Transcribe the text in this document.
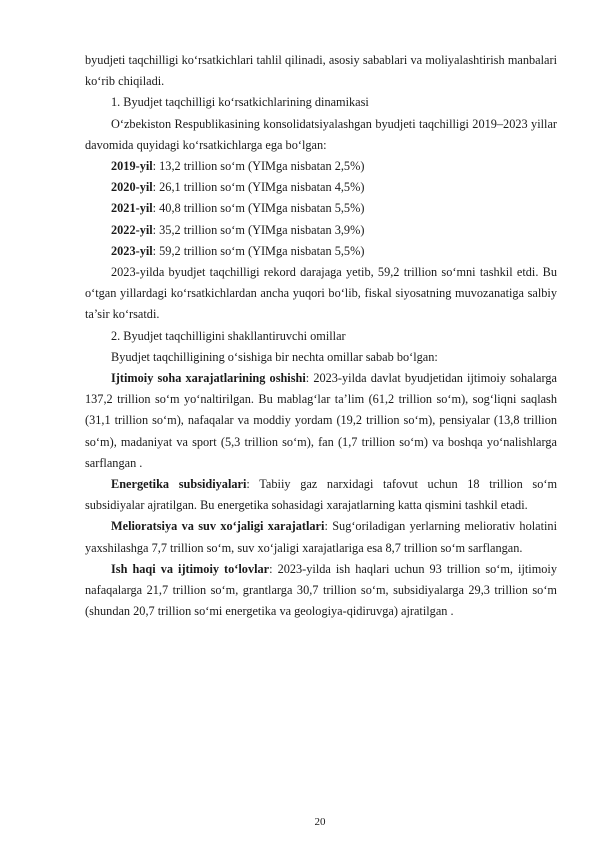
byudjeti taqchilligi ko‘rsatkichlari tahlil qilinadi, asosiy sabablari va moliyalashtirish manbalari ko‘rib chiqiladi.

1. Byudjet taqchilligi ko‘rsatkichlarining dinamikasi

O‘zbekiston Respublikasining konsolidatsiyalashgan byudjeti taqchilligi 2019–2023 yillar davomida quyidagi ko‘rsatkichlarga ega bo‘lgan:

2019-yil: 13,2 trillion so‘m (YIMga nisbatan 2,5%)

2020-yil: 26,1 trillion so‘m (YIMga nisbatan 4,5%)

2021-yil: 40,8 trillion so‘m (YIMga nisbatan 5,5%)

2022-yil: 35,2 trillion so‘m (YIMga nisbatan 3,9%)

2023-yil: 59,2 trillion so‘m (YIMga nisbatan 5,5%)

2023-yilda byudjet taqchilligi rekord darajaga yetib, 59,2 trillion so‘mni tashkil etdi. Bu o‘tgan yillardagi ko‘rsatkichlardan ancha yuqori bo‘lib, fiskal siyosatning muvozanatiga salbiy ta’sir ko‘rsatdi.

2. Byudjet taqchilligini shakllantiruvchi omillar

Byudjet taqchilligining o‘sishiga bir nechta omillar sabab bo‘lgan:

Ijtimoiy soha xarajatlarining oshishi: 2023-yilda davlat byudjetidan ijtimoiy sohalarga 137,2 trillion so‘m yo‘naltirilgan. Bu mablag‘lar ta’lim (61,2 trillion so‘m), sog‘liqni saqlash (31,1 trillion so‘m), nafaqalar va moddiy yordam (19,2 trillion so‘m), pensiyalar (13,8 trillion so‘m), madaniyat va sport (5,3 trillion so‘m), fan (1,7 trillion so‘m) va boshqa yo‘nalishlarga sarflangan .

Energetika subsidiyalari: Tabiiy gaz narxidagi tafovut uchun 18 trillion so‘m subsidiyalar ajratilgan. Bu energetika sohasidagi xarajatlarning katta qismini tashkil etadi.

Melioratsiya va suv xo‘jaligi xarajatlari: Sug‘oriladigan yerlarning meliorativ holatini yaxshilashga 7,7 trillion so‘m, suv xo‘jaligi xarajatlariga esa 8,7 trillion so‘m sarflangan.

Ish haqi va ijtimoiy to‘lovlar: 2023-yilda ish haqlari uchun 93 trillion so‘m, ijtimoiy nafaqalarga 21,7 trillion so‘m, grantlarga 30,7 trillion so‘m, subsidiyalarga 29,3 trillion so‘m (shundan 20,7 trillion so‘mi energetika va geologiya-qidiruvga) ajratilgan .

20
